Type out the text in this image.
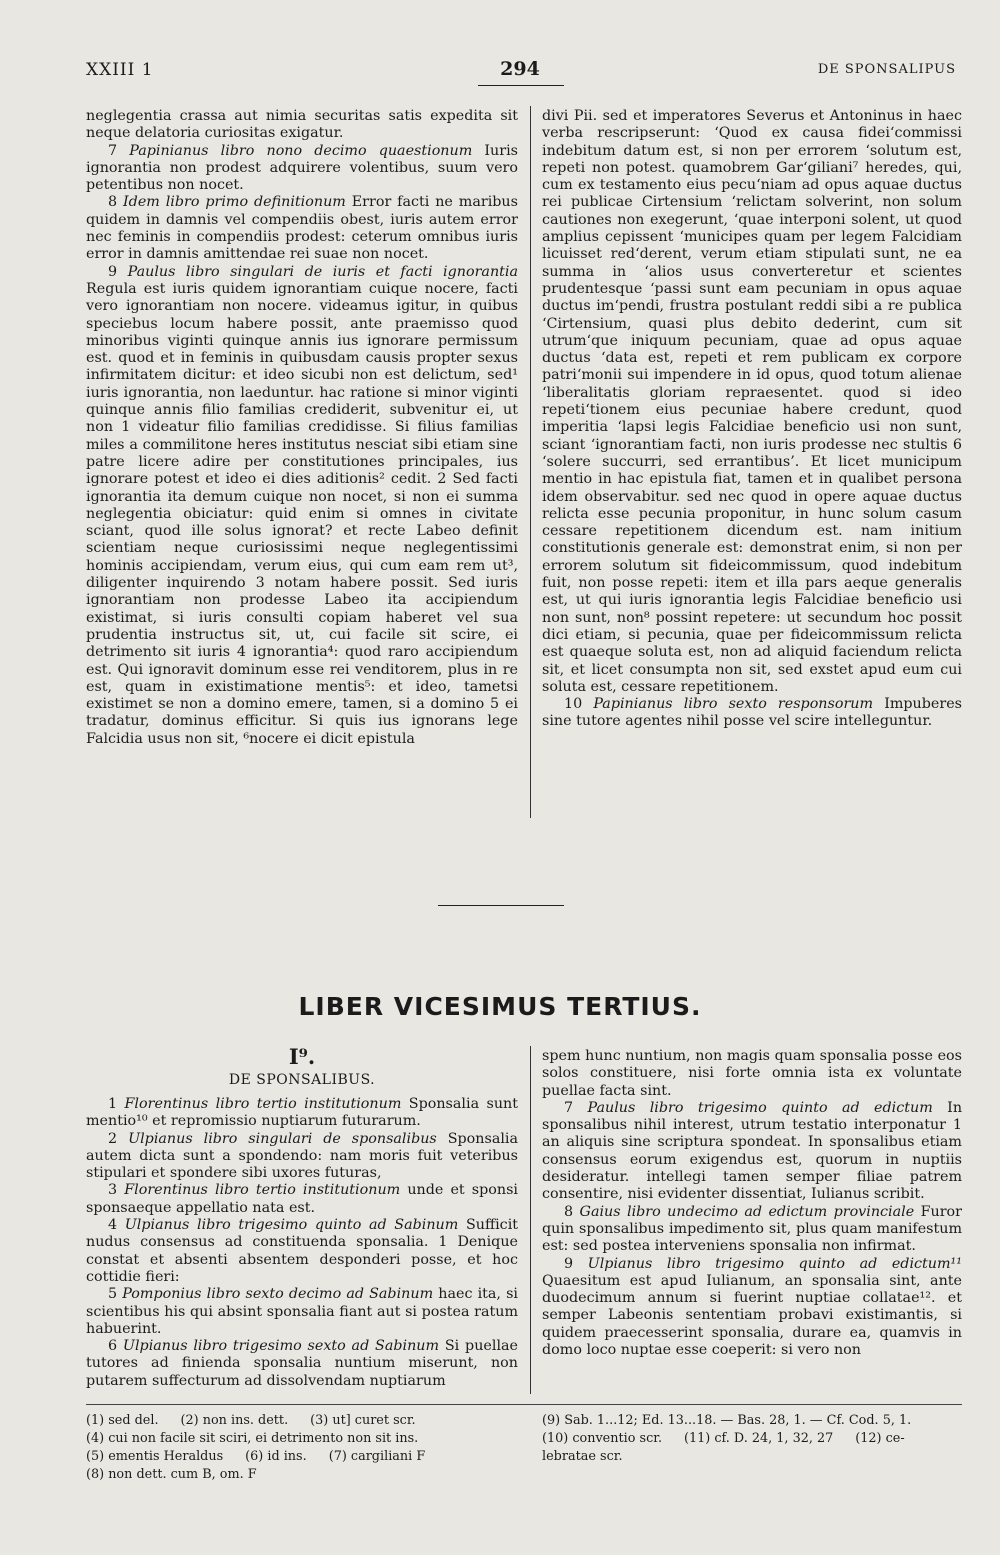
XXIII 1	294	DE SPONSALIPUS

neglegentia crassa aut nimia securitas satis expedita sit neque delatoria curiositas exigatur.

7 Papinianus libro nono decimo quaestionum Iuris ignorantia non prodest adquirere volentibus, suum vero petentibus non nocet.

8 Idem libro primo definitionum Error facti ne maribus quidem in damnis vel compendiis obest, iuris autem error nec feminis in compendiis prodest: ceterum omnibus iuris error in damnis amittendae rei suae non nocet.

9 Paulus libro singulari de iuris et facti ignorantia Regula est iuris quidem ignorantiam cuique nocere, facti vero ignorantiam non nocere. videamus igitur, in quibus speciebus locum habere possit, ante praemisso quod minoribus viginti quinque annis ius ignorare permissum est. quod et in feminis in quibusdam causis propter sexus infirmitatem dicitur: et ideo sicubi non est delictum, sed¹ iuris ignorantia, non laeduntur. hac ratione si minor viginti quinque annis filio familias crediderit, subvenitur ei, ut non 1 videatur filio familias credidisse. Si filius familias miles a commilitone heres institutus nesciat sibi etiam sine patre licere adire per constitutiones principales, ius ignorare potest et ideo ei dies aditionis² cedit. 2 Sed facti ignorantia ita demum cuique non nocet, si non ei summa neglegentia obiciatur: quid enim si omnes in civitate sciant, quod ille solus ignorat? et recte Labeo definit scientiam neque curiosissimi neque neglegentissimi hominis accipiendam, verum eius, qui cum eam rem ut³, diligenter inquirendo 3 notam habere possit. Sed iuris ignorantiam non prodesse Labeo ita accipiendum existimat, si iuris consulti copiam haberet vel sua prudentia instructus sit, ut, cui facile sit scire, ei detrimento sit iuris 4 ignorantia⁴: quod raro accipiendum est. Qui ignoravit dominum esse rei venditorem, plus in re est, quam in existimatione mentis⁵: et ideo, tametsi existimet se non a domino emere, tamen, si a domino 5 ei tradatur, dominus efficitur. Si quis ius ignorans lege Falcidia usus non sit, ⁶nocere ei dicit epistula

divi Pii. sed et imperatores Severus et Antoninus in haec verba rescripserunt: ‘Quod ex causa fidei‘commissi indebitum datum est, si non per errorem ‘solutum est, repeti non potest. quamobrem Gar‘giliani⁷ heredes, qui, cum ex testamento eius pecu‘niam ad opus aquae ductus rei publicae Cirtensium ‘relictam solverint, non solum cautiones non exegerunt, ‘quae interponi solent, ut quod amplius cepissent ‘municipes quam per legem Falcidiam licuisset red‘derent, verum etiam stipulati sunt, ne ea summa in ‘alios usus converteretur et scientes prudentesque ‘passi sunt eam pecuniam in opus aquae ductus im‘pendi, frustra postulant reddi sibi a re publica ‘Cirtensium, quasi plus debito dederint, cum sit utrum‘que iniquum pecuniam, quae ad opus aquae ductus ‘data est, repeti et rem publicam ex corpore patri‘monii sui impendere in id opus, quod totum alienae ‘liberalitatis gloriam repraesentet. quod si ideo repeti‘tionem eius pecuniae habere credunt, quod imperitia ‘lapsi legis Falcidiae beneficio usi non sunt, sciant ‘ignorantiam facti, non iuris prodesse nec stultis 6 ‘solere succurri, sed errantibus’. Et licet municipum mentio in hac epistula fiat, tamen et in qualibet persona idem observabitur. sed nec quod in opere aquae ductus relicta esse pecunia proponitur, in hunc solum casum cessare repetitionem dicendum est. nam initium constitutionis generale est: demonstrat enim, si non per errorem solutum sit fideicommissum, quod indebitum fuit, non posse repeti: item et illa pars aeque generalis est, ut qui iuris ignorantia legis Falcidiae beneficio usi non sunt, non⁸ possint repetere: ut secundum hoc possit dici etiam, si pecunia, quae per fideicommissum relicta est quaeque soluta est, non ad aliquid faciendum relicta sit, et licet consumpta non sit, sed exstet apud eum cui soluta est, cessare repetitionem.

10 Papinianus libro sexto responsorum Impuberes sine tutore agentes nihil posse vel scire intelleguntur.

LIBER VICESIMUS TERTIUS.
I⁹.
DE SPONSALIBUS.

1 Florentinus libro tertio institutionum Sponsalia sunt mentio¹⁰ et repromissio nuptiarum futurarum.

2 Ulpianus libro singulari de sponsalibus Sponsalia autem dicta sunt a spondendo: nam moris fuit veteribus stipulari et spondere sibi uxores futuras,

3 Florentinus libro tertio institutionum unde et sponsi sponsaeque appellatio nata est.

4 Ulpianus libro trigesimo quinto ad Sabinum Sufficit nudus consensus ad constituenda sponsalia. 1 Denique constat et absenti absentem desponderi posse, et hoc cottidie fieri:

5 Pomponius libro sexto decimo ad Sabinum haec ita, si scientibus his qui absint sponsalia fiant aut si postea ratum habuerint.

6 Ulpianus libro trigesimo sexto ad Sabinum Si puellae tutores ad finienda sponsalia nuntium miserunt, non putarem suffecturum ad dissolvendam nuptiarum

spem hunc nuntium, non magis quam sponsalia posse eos solos constituere, nisi forte omnia ista ex voluntate puellae facta sint.

7 Paulus libro trigesimo quinto ad edictum In sponsalibus nihil interest, utrum testatio interponatur 1 an aliquis sine scriptura spondeat. In sponsalibus etiam consensus eorum exigendus est, quorum in nuptiis desideratur. intellegi tamen semper filiae patrem consentire, nisi evidenter dissentiat, Iulianus scribit.

8 Gaius libro undecimo ad edictum provinciale Furor quin sponsalibus impedimento sit, plus quam manifestum est: sed postea interveniens sponsalia non infirmat.

9 Ulpianus libro trigesimo quinto ad edictum¹¹ Quaesitum est apud Iulianum, an sponsalia sint, ante duodecimum annum si fuerint nuptiae collatae¹². et semper Labeonis sententiam probavi existimantis, si quidem praecesserint sponsalia, durare ea, quamvis in domo loco nuptae esse coeperit: si vero non

(1) sed del. (2) non ins. dett. (3) ut] curet scr.
(4) cui non facile sit sciri, ei detrimento non sit ins.
(5) ementis Heraldus (6) id ins. (7) cargiliani F
(8) non dett. cum B, om. F
(9) Sab. 1...12; Ed. 13...18. — Bas. 28, 1. — Cf. Cod. 5, 1.
(10) conventio scr. (11) cf. D. 24, 1, 32, 27 (12) ce-
lebratae scr.
